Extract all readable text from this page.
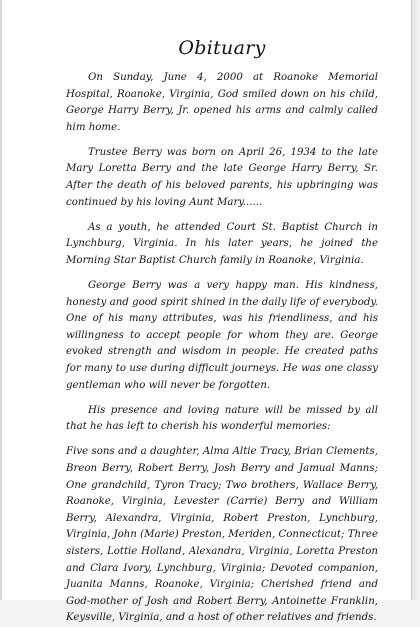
Obituary

On Sunday, June 4, 2000 at Roanoke Memorial Hospital, Roanoke, Virginia, God smiled down on his child, George Harry Berry, Jr. opened his arms and calmly called him home.

Trustee Berry was born on April 26, 1934 to the late Mary Loretta Berry and the late George Harry Berry, Sr. After the death of his beloved parents, his upbringing was continued by his loving Aunt Mary......

As a youth, he attended Court St. Baptist Church in Lynchburg, Virginia. In his later years, he joined the Morning Star Baptist Church family in Roanoke, Virginia.

George Berry was a very happy man. His kindness, honesty and good spirit shined in the daily life of everybody. One of his many attributes, was his friendliness, and his willingness to accept people for whom they are. George evoked strength and wisdom in people. He created paths for many to use during difficult journeys. He was one classy gentleman who will never be forgotten.

His presence and loving nature will be missed by all that he has left to cherish his wonderful memories:

Five sons and a daughter, Alma Altie Tracy, Brian Clements, Breon Berry, Robert Berry, Josh Berry and Jamual Manns; One grandchild, Tyron Tracy; Two brothers, Wallace Berry, Roanoke, Virginia, Levester (Carrie) Berry and William Berry, Alexandra, Virginia, Robert Preston, Lynchburg, Virginia, John (Marie) Preston, Meriden, Connecticut; Three sisters, Lottie Holland, Alexandra, Virginia, Loretta Preston and Clara Ivory, Lynchburg, Virginia; Devoted companion, Juanita Manns, Roanoke, Virginia; Cherished friend and God-mother of Josh and Robert Berry, Antoinette Franklin, Keysville, Virginia, and a host of other relatives and friends.
